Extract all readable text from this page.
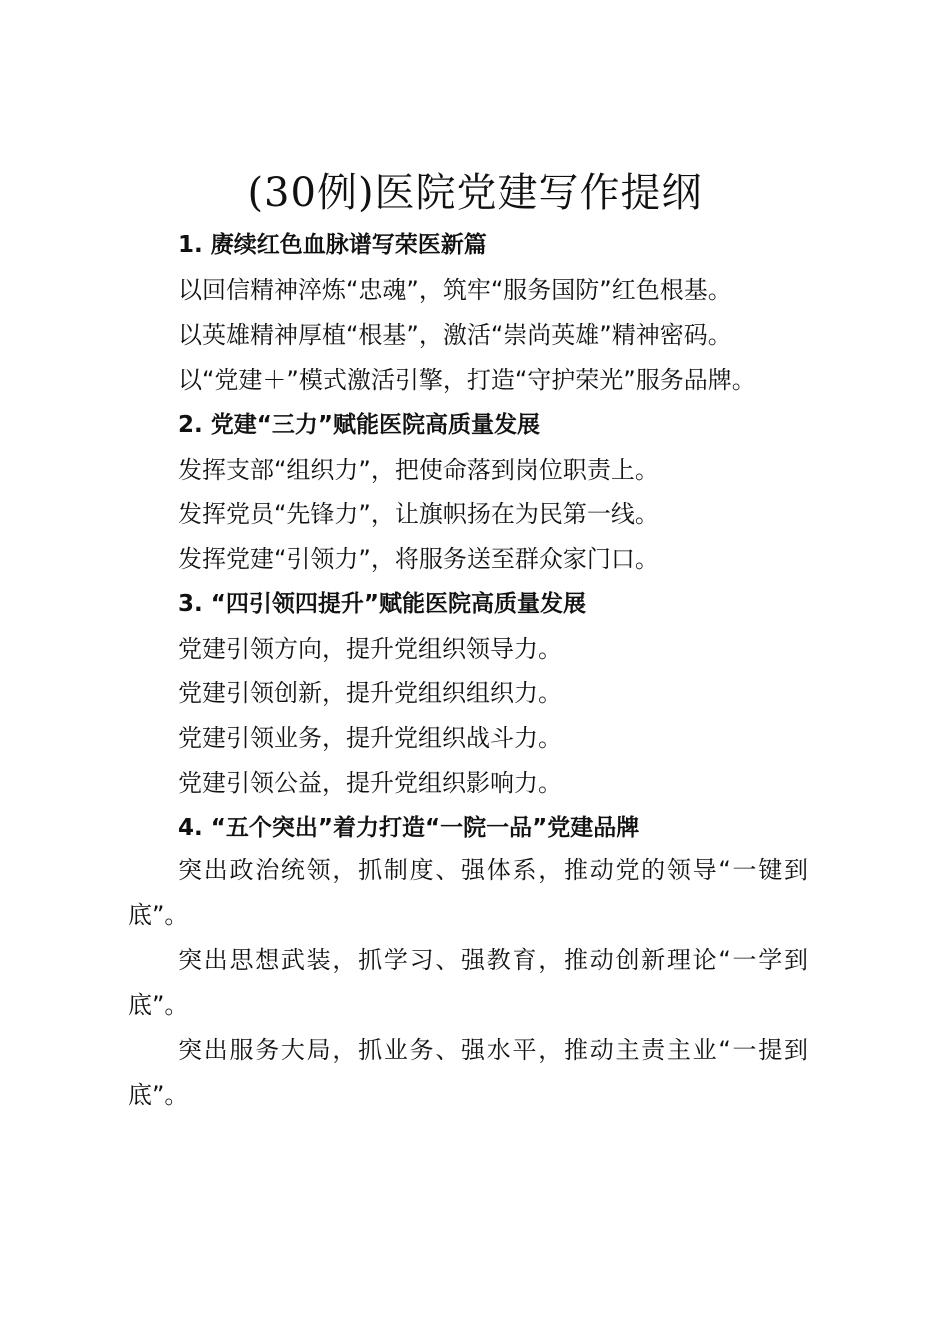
(30例)医院党建写作提纲
1. 赓续红色血脉谱写荣医新篇
以回信精神淬炼“忠魂”，筑牢“服务国防”红色根基。
以英雄精神厚植“根基”，激活“崇尚英雄”精神密码。
以“党建＋”模式激活引擎，打造“守护荣光”服务品牌。
2. 党建“三力”赋能医院高质量发展
发挥支部“组织力”，把使命落到岗位职责上。
发挥党员“先锋力”，让旗帜扬在为民第一线。
发挥党建“引领力”，将服务送至群众家门口。
3. “四引领四提升”赋能医院高质量发展
党建引领方向，提升党组织领导力。
党建引领创新，提升党组织组织力。
党建引领业务，提升党组织战斗力。
党建引领公益，提升党组织影响力。
4. “五个突出”着力打造“一院一品”党建品牌
突出政治统领，抓制度、强体系，推动党的领导“一键到底”。
突出思想武装，抓学习、强教育，推动创新理论“一学到底”。
突出服务大局，抓业务、强水平，推动主责主业“一提到底”。
